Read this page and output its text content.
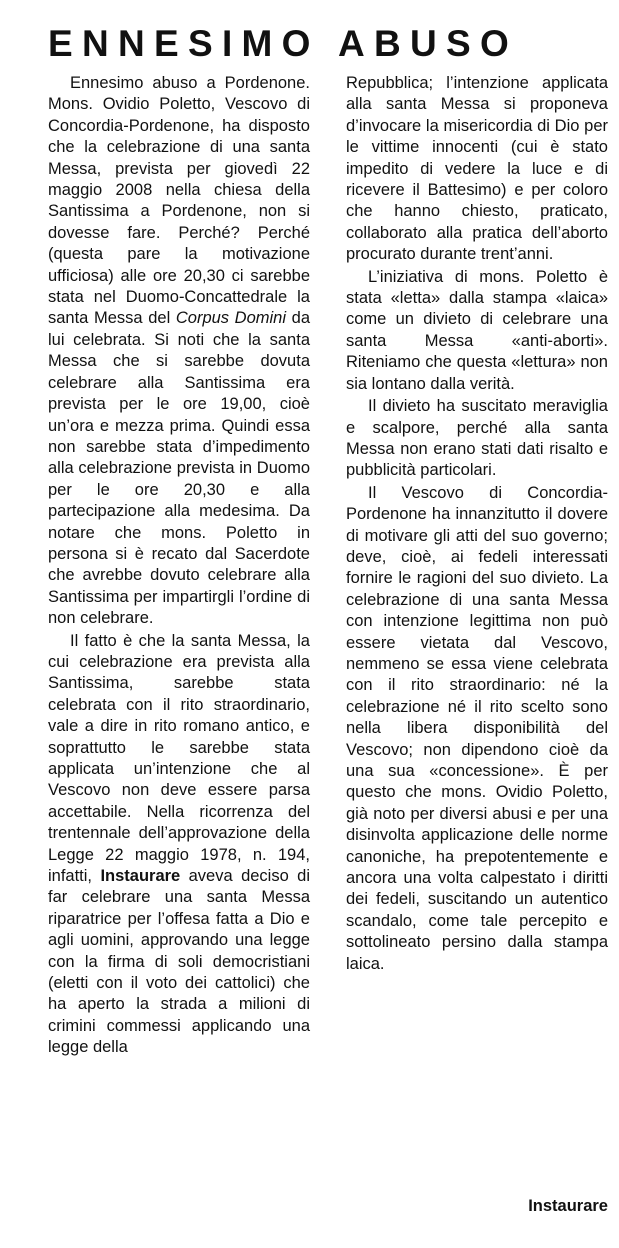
ENNESIMO ABUSO

Ennesimo abuso a Pordenone. Mons. Ovidio Poletto, Vescovo di Concordia-Pordenone, ha disposto che la celebrazione di una santa Messa, prevista per giovedì 22 maggio 2008 nella chiesa della Santissima a Pordenone, non si dovesse fare. Perché? Perché (questa pare la motivazione ufficiosa) alle ore 20,30 ci sarebbe stata nel Duomo-Concattedrale la santa Messa del Corpus Domini da lui celebrata. Si noti che la santa Messa che si sarebbe dovuta celebrare alla Santissima era prevista per le ore 19,00, cioè un’ora e mezza prima. Quindi essa non sarebbe stata d’impedimento alla celebrazione prevista in Duomo per le ore 20,30 e alla partecipazione alla medesima. Da notare che mons. Poletto in persona si è recato dal Sacerdote che avrebbe dovuto celebrare alla Santissima per impartirgli l’ordine di non celebrare.

Il fatto è che la santa Messa, la cui celebrazione era prevista alla Santissima, sarebbe stata celebrata con il rito straordinario, vale a dire in rito romano antico, e soprattutto le sarebbe stata applicata un’intenzione che al Vescovo non deve essere parsa accettabile. Nella ricorrenza del trentennale dell’approvazione della Legge 22 maggio 1978, n. 194, infatti, Instaurare aveva deciso di far celebrare una santa Messa riparatrice per l’offesa fatta a Dio e agli uomini, approvando una legge con la firma di soli democristiani (eletti con il voto dei cattolici) che ha aperto la strada a milioni di crimini commessi applicando una legge della

Repubblica; l’intenzione applicata alla santa Messa si proponeva d’invocare la misericordia di Dio per le vittime innocenti (cui è stato impedito di vedere la luce e di ricevere il Battesimo) e per coloro che hanno chiesto, praticato, collaborato alla pratica dell’aborto procurato durante trent’anni.

L’iniziativa di mons. Poletto è stata «letta» dalla stampa «laica» come un divieto di celebrare una santa Messa «anti-aborti». Riteniamo che questa «lettura» non sia lontano dalla verità.

Il divieto ha suscitato meraviglia e scalpore, perché alla santa Messa non erano stati dati risalto e pubblicità particolari.

Il Vescovo di Concordia-Pordenone ha innanzitutto il dovere di motivare gli atti del suo governo; deve, cioè, ai fedeli interessati fornire le ragioni del suo divieto. La celebrazione di una santa Messa con intenzione legittima non può essere vietata dal Vescovo, nemmeno se essa viene celebrata con il rito straordinario: né la celebrazione né il rito scelto sono nella libera disponibilità del Vescovo; non dipendono cioè da una sua «concessione». È per questo che mons. Ovidio Poletto, già noto per diversi abusi e per una disinvolta applicazione delle norme canoniche, ha prepotentemente e ancora una volta calpestato i diritti dei fedeli, suscitando un autentico scandalo, come tale percepito e sottolineato persino dalla stampa laica.

Instaurare
